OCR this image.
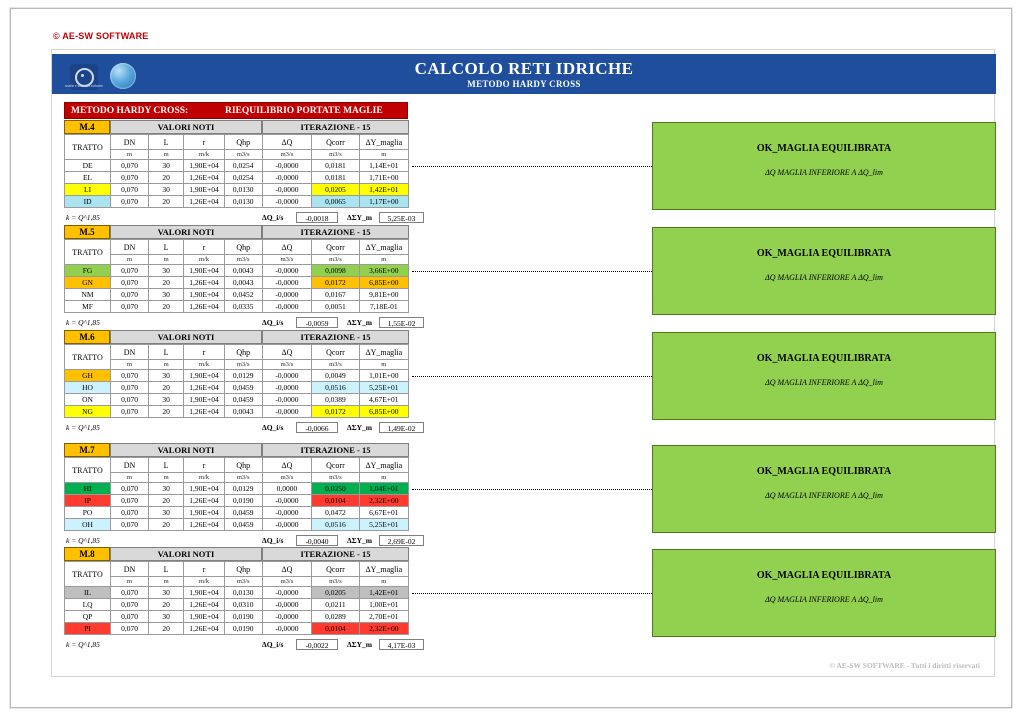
© AE-SW SOFTWARE
analisi e soluzioni software
CALCOLO RETI IDRICHE
METODO HARDY CROSS
METODO HARDY CROSS:	RIEQUILIBRIO PORTATE MAGLIE
M.4	VALORI NOTI	ITERAZIONE - 15
TRATTO	DN	L	r	Qhp	ΔQ	Qcorr	ΔY_maglia
	m	m	m/k	m3/s	m3/s	m3/s	m
DE	0,070	30	1,90E+04	0,0254	-0,0000	0,0181	1,14E+01
EL	0,070	20	1,26E+04	0,0254	-0,0000	0,0181	1,71E+00
LI	0,070	30	1,90E+04	0,0130	-0,0000	0,0205	1,42E+01
ID	0,070	20	1,26E+04	0,0130	-0,0000	0,0065	1,17E+00
k = Q^1,85	ΔQ_i/s	-0,0018	ΔΣY_m	5,25E-03
OK_MAGLIA EQUILIBRATA
ΔQ MAGLIA INFERIORE A ΔQ_lim
M.5	VALORI NOTI	ITERAZIONE - 15
TRATTO	DN	L	r	Qhp	ΔQ	Qcorr	ΔY_maglia
	m	m	m/k	m3/s	m3/s	m3/s	m
FG	0,070	30	1,90E+04	0,0043	-0,0000	0,0098	3,66E+00
GN	0,070	20	1,26E+04	0,0043	-0,0000	0,0172	6,85E+00
NM	0,070	30	1,90E+04	0,0452	-0,0000	0,0167	9,81E+00
MF	0,070	20	1,26E+04	0,0335	-0,0000	0,0051	7,18E-01
k = Q^1,85	ΔQ_i/s	-0,0059	ΔΣY_m	1,55E-02
OK_MAGLIA EQUILIBRATA
ΔQ MAGLIA INFERIORE A ΔQ_lim
M.6	VALORI NOTI	ITERAZIONE - 15
TRATTO	DN	L	r	Qhp	ΔQ	Qcorr	ΔY_maglia
	m	m	m/k	m3/s	m3/s	m3/s	m
GH	0,070	30	1,90E+04	0,0129	-0,0000	0,0049	1,01E+00
HO	0,070	20	1,26E+04	0,0459	-0,0000	0,0516	5,25E+01
ON	0,070	30	1,90E+04	0,0459	-0,0000	0,0389	4,67E+01
NG	0,070	20	1,26E+04	0,0043	-0,0000	0,0172	6,85E+00
k = Q^1,85	ΔQ_i/s	-0,0066	ΔΣY_m	1,49E-02
OK_MAGLIA EQUILIBRATA
ΔQ MAGLIA INFERIORE A ΔQ_lim
M.7	VALORI NOTI	ITERAZIONE - 15
TRATTO	DN	L	r	Qhp	ΔQ	Qcorr	ΔY_maglia
	m	m	m/k	m3/s	m3/s	m3/s	m
HI	0,070	30	1,90E+04	0,0129	0,0000	0,0250	1,04E+01
IP	0,070	20	1,26E+04	0,0190	-0,0000	0,0104	2,32E+00
PO	0,070	30	1,90E+04	0,0459	-0,0000	0,0472	6,67E+01
OH	0,070	20	1,26E+04	0,0459	-0,0000	0,0516	5,25E+01
k = Q^1,85	ΔQ_i/s	-0,0040	ΔΣY_m	2,69E-02
OK_MAGLIA EQUILIBRATA
ΔQ MAGLIA INFERIORE A ΔQ_lim
M.8	VALORI NOTI	ITERAZIONE - 15
TRATTO	DN	L	r	Qhp	ΔQ	Qcorr	ΔY_maglia
	m	m	m/k	m3/s	m3/s	m3/s	m
IL	0,070	30	1,90E+04	0,0130	-0,0000	0,0205	1,42E+01
LQ	0,070	20	1,26E+04	0,0310	-0,0000	0,0211	1,00E+01
QP	0,070	30	1,90E+04	0,0190	-0,0000	0,0289	2,70E+01
PI	0,070	20	1,26E+04	0,0190	-0,0000	0,0104	2,32E+00
k = Q^1,85	ΔQ_i/s	-0,0022	ΔΣY_m	4,17E-03
OK_MAGLIA EQUILIBRATA
ΔQ MAGLIA INFERIORE A ΔQ_lim
© AE-SW SOFTWARE - Tutti i diritti riservati
